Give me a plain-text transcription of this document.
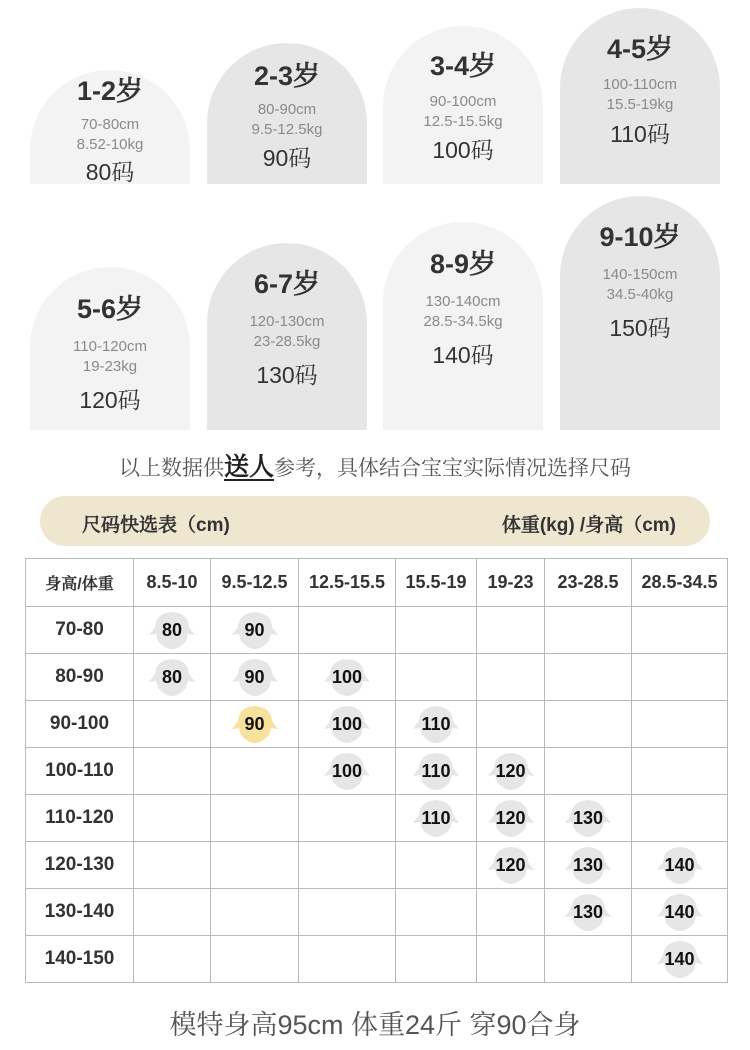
1-2岁
70-80cm
8.52-10kg
80码
2-3岁
80-90cm
9.5-12.5kg
90码
3-4岁
90-100cm
12.5-15.5kg
100码
4-5岁
100-110cm
15.5-19kg
110码
5-6岁
110-120cm
19-23kg
120码
6-7岁
120-130cm
23-28.5kg
130码
8-9岁
130-140cm
28.5-34.5kg
140码
9-10岁
140-150cm
34.5-40kg
150码
以上数据供送人参考，具体结合宝宝实际情况选择尺码
尺码快选表（cm)	体重(kg) /身高（cm)
身高/体重	8.5-10	9.5-12.5	12.5-15.5	15.5-19	19-23	23-28.5	28.5-34.5
70-80	80	90					

80-90	80	90	100				

90-100		90	100	110			

100-110			100	110	120		

110-120				110	120	130	

120-130					120	130	140

130-140						130	140

140-150							140
模特身高95cm 体重24斤 穿90合身
